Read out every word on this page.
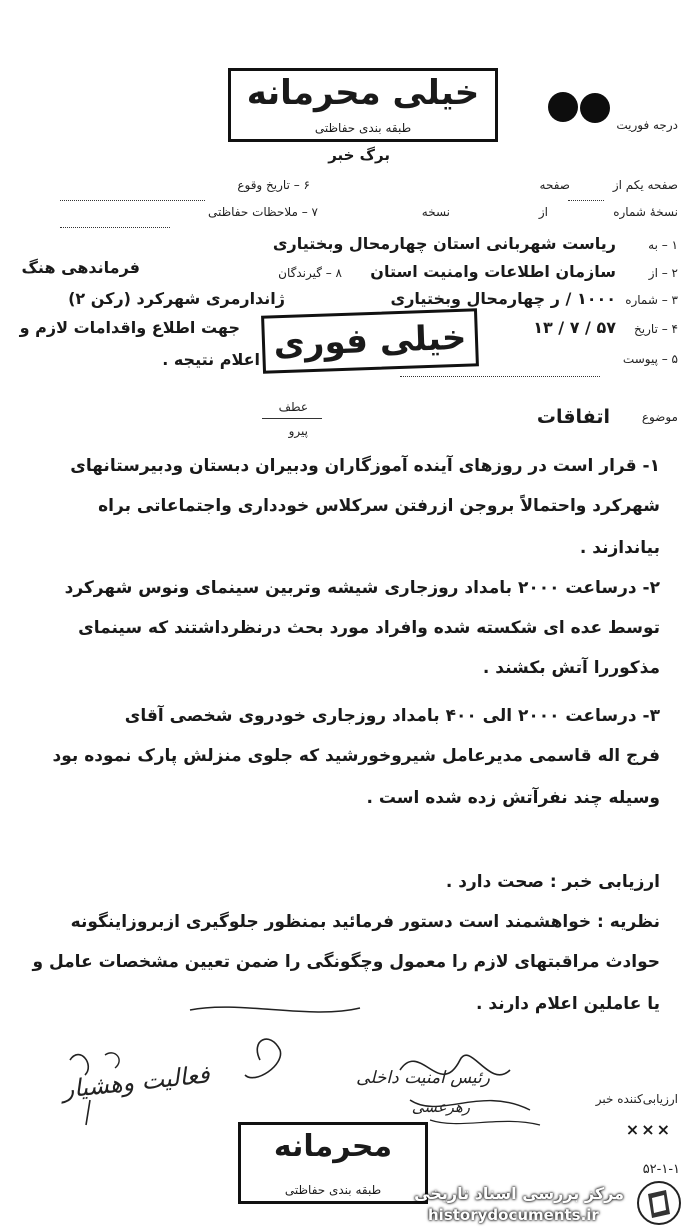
خیلی محرمانه
طبقه بندی حفاظتی	درجه فوریت
برگ خبر
صفحه یکم از
صفحه
نسخهٔ شماره
از
نسخه
۶ – تاریخ وقوع
۷ – ملاحظات حفاظتی
۱ – به
ریاست شهربانی استان چهارمحال وبختیاری
۲ – از
سازمان اطلاعات وامنیت استان
۸ – گیرندگان
فرماندهی هنگ
۳ – شماره
۱۰۰۰ / ر چهارمحال وبختیاری
ژاندارمری شهرکرد (رکن ۲)
۴ – تاریخ
۱۳ / ۷ / ۵۷
جهت اطلاع واقدامات لازم و
۵ – پیوست
اعلام نتیجه . خیلی فوری
عطف
پیرو
موضوع
اتفاقات
۱- قرار است در روزهای آینده آموزگاران ودبیران دبستان ودبیرستانهای
شهرکرد واحتمالاً بروجن ازرفتن سرکلاس خودداری واجتماعاتی براه
بیاندازند .
۲- درساعت ۲۰۰۰ بامداد روزجاری شیشه وتربین سینمای ونوس شهرکرد
توسط عده ای شکسته شده وافراد مورد بحث درنظرداشتند که سینمای
مذکوررا آتش بکشند .
۳- درساعت ۲۰۰۰ الی ۴۰۰ بامداد روزجاری خودروی شخصی آقای
فرج اله قاسمی مدیرعامل شیروخورشید که جلوی منزلش پارک نموده بود
وسیله چند نفرآتش زده شده است .
ارزیابی خبر : صحت دارد .
نظریه : خواهشمند است دستور فرمائید بمنظور جلوگیری ازبروزاینگونه
حوادث مراقبتهای لازم را معمول وچگونگی را ضمن تعیین مشخصات عامل و
یا عاملین اعلام دارند .
فعالیت وهشیار	رئیس امنیت داخلی
رهرعسی	ارزیابی‌کننده خبر
×××
محرمانه
طبقه بندی حفاظتی
۵۲-۱-۱
مرکز بررسی اسناد تاریخی
historydocuments.ir
